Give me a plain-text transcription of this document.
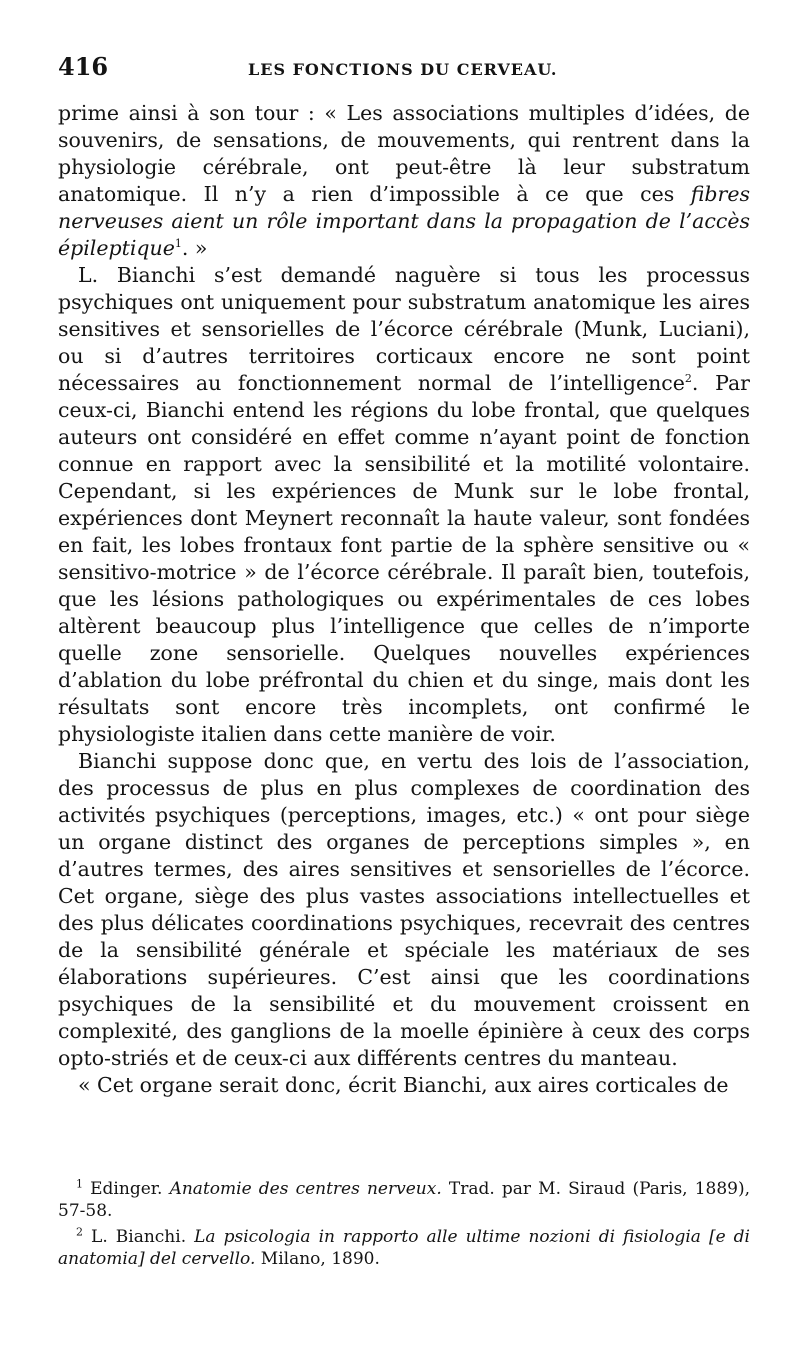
416	LES FONCTIONS DU CERVEAU.

prime ainsi à son tour : « Les associations multiples d’idées, de souvenirs, de sensations, de mouvements, qui rentrent dans la physiologie cérébrale, ont peut-être là leur substratum anatomique. Il n’y a rien d’impossible à ce que ces fibres nerveuses aient un rôle important dans la propagation de l’accès épileptique$^1$. »

L. Bianchi s’est demandé naguère si tous les processus psychiques ont uniquement pour substratum anatomique les aires sensitives et sensorielles de l’écorce cérébrale (Munk, Luciani), ou si d’autres territoires corticaux encore ne sont point nécessaires au fonctionnement normal de l’intelligence$^2$. Par ceux-ci, Bianchi entend les régions du lobe frontal, que quelques auteurs ont considéré en effet comme n’ayant point de fonction connue en rapport avec la sensibilité et la motilité volontaire. Cependant, si les expériences de Munk sur le lobe frontal, expériences dont Meynert reconnaît la haute valeur, sont fondées en fait, les lobes frontaux font partie de la sphère sensitive ou « sensitivo-motrice » de l’écorce cérébrale. Il paraît bien, toutefois, que les lésions pathologiques ou expérimentales de ces lobes altèrent beaucoup plus l’intelligence que celles de n’importe quelle zone sensorielle. Quelques nouvelles expériences d’ablation du lobe préfrontal du chien et du singe, mais dont les résultats sont encore très incomplets, ont confirmé le physiologiste italien dans cette manière de voir.

Bianchi suppose donc que, en vertu des lois de l’association, des processus de plus en plus complexes de coordination des activités psychiques (perceptions, images, etc.) « ont pour siège un organe distinct des organes de perceptions simples », en d’autres termes, des aires sensitives et sensorielles de l’écorce. Cet organe, siège des plus vastes associations intellectuelles et des plus délicates coordinations psychiques, recevrait des centres de la sensibilité générale et spéciale les matériaux de ses élaborations supérieures. C’est ainsi que les coordinations psychiques de la sensibilité et du mouvement croissent en complexité, des ganglions de la moelle épinière à ceux des corps opto-striés et de ceux-ci aux différents centres du manteau.

« Cet organe serait donc, écrit Bianchi, aux aires corticales de

$^1$ Edinger. Anatomie des centres nerveux. Trad. par M. Siraud (Paris, 1889), 57-58.

$^2$ L. Bianchi. La psicologia in rapporto alle ultime nozioni di fisiologia [e di anatomia] del cervello. Milano, 1890.
